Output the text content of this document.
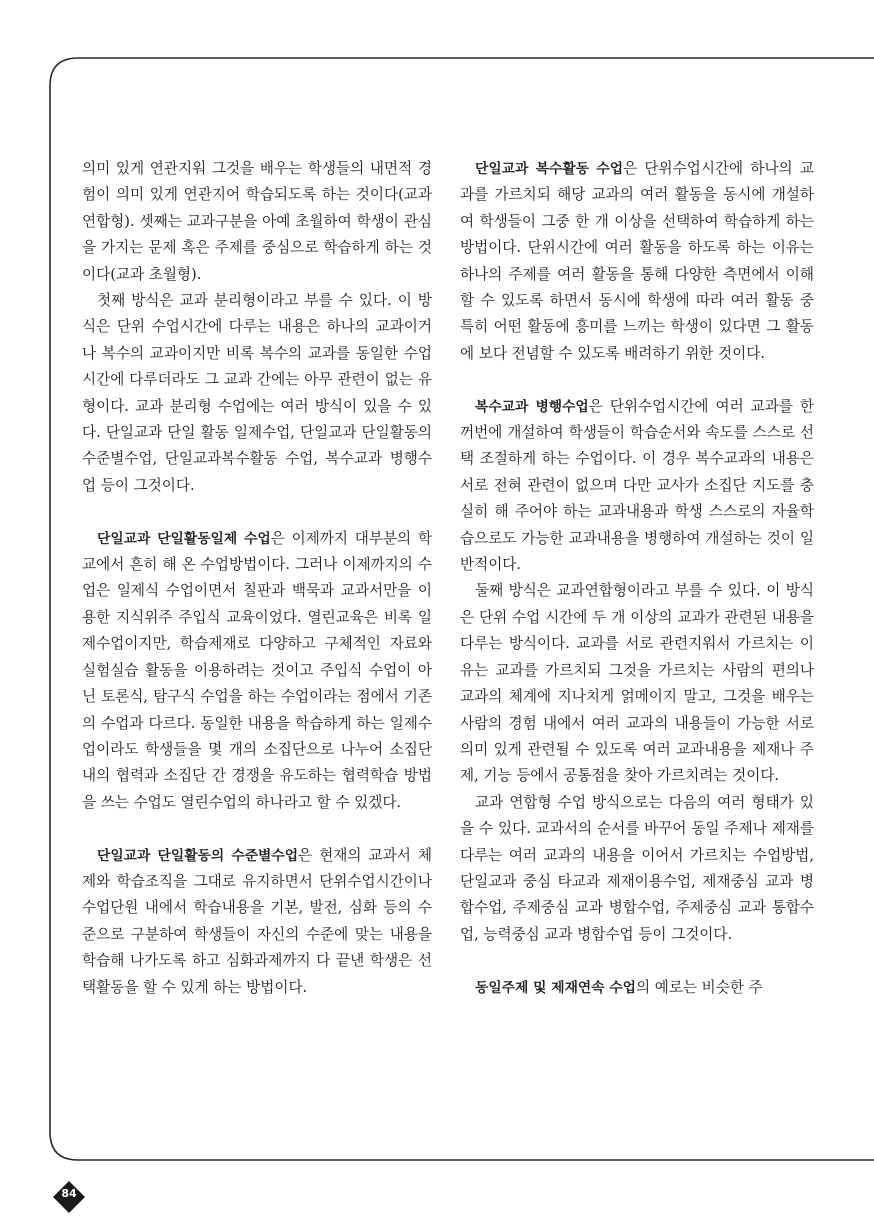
의미 있게 연관지워 그것을 배우는 학생들의 내면적 경험이 의미 있게 연관지어 학습되도록 하는 것이다(교과 연합형). 셋째는 교과구분을 아예 초월하여 학생이 관심을 가지는 문제 혹은 주제를 중심으로 학습하게 하는 것이다(교과 초월형).

첫째 방식은 교과 분리형이라고 부를 수 있다. 이 방식은 단위 수업시간에 다루는 내용은 하나의 교과이거나 복수의 교과이지만 비록 복수의 교과를 동일한 수업시간에 다루더라도 그 교과 간에는 아무 관련이 없는 유형이다. 교과 분리형 수업에는 여러 방식이 있을 수 있다. 단일교과 단일 활동 일제수업, 단일교과 단일활동의 수준별수업, 단일교과복수활동 수업, 복수교과 병행수업 등이 그것이다.

단일교과 단일활동일제 수업은 이제까지 대부분의 학교에서 흔히 해 온 수업방법이다. 그러나 이제까지의 수업은 일제식 수업이면서 칠판과 백묵과 교과서만을 이용한 지식위주 주입식 교육이었다. 열린교육은 비록 일제수업이지만, 학습제재로 다양하고 구체적인 자료와 실험실습 활동을 이용하려는 것이고 주입식 수업이 아닌 토론식, 탐구식 수업을 하는 수업이라는 점에서 기존의 수업과 다르다. 동일한 내용을 학습하게 하는 일제수업이라도 학생들을 몇 개의 소집단으로 나누어 소집단 내의 협력과 소집단 간 경쟁을 유도하는 협력학습 방법을 쓰는 수업도 열린수업의 하나라고 할 수 있겠다.

단일교과 단일활동의 수준별수업은 현재의 교과서 체제와 학습조직을 그대로 유지하면서 단위수업시간이나 수업단원 내에서 학습내용을 기본, 발전, 심화 등의 수준으로 구분하여 학생들이 자신의 수준에 맞는 내용을 학습해 나가도록 하고 심화과제까지 다 끝낸 학생은 선택활동을 할 수 있게 하는 방법이다.

단일교과 복수활동 수업은 단위수업시간에 하나의 교과를 가르치되 해당 교과의 여러 활동을 동시에 개설하여 학생들이 그중 한 개 이상을 선택하여 학습하게 하는 방법이다. 단위시간에 여러 활동을 하도록 하는 이유는 하나의 주제를 여러 활동을 통해 다양한 측면에서 이해할 수 있도록 하면서 동시에 학생에 따라 여러 활동 중 특히 어떤 활동에 흥미를 느끼는 학생이 있다면 그 활동에 보다 전념할 수 있도록 배려하기 위한 것이다.

복수교과 병행수업은 단위수업시간에 여러 교과를 한꺼번에 개설하여 학생들이 학습순서와 속도를 스스로 선택 조절하게 하는 수업이다. 이 경우 복수교과의 내용은 서로 전혀 관련이 없으며 다만 교사가 소집단 지도를 충실히 해 주어야 하는 교과내용과 학생 스스로의 자율학습으로도 가능한 교과내용을 병행하여 개설하는 것이 일반적이다.

둘째 방식은 교과연합형이라고 부를 수 있다. 이 방식은 단위 수업 시간에 두 개 이상의 교과가 관련된 내용을 다루는 방식이다. 교과를 서로 관련지워서 가르치는 이유는 교과를 가르치되 그것을 가르치는 사람의 편의나 교과의 체계에 지나치게 얽메이지 말고, 그것을 배우는 사람의 경험 내에서 여러 교과의 내용들이 가능한 서로 의미 있게 관련될 수 있도록 여러 교과내용을 제재나 주제, 기능 등에서 공통점을 찾아 가르치려는 것이다.

교과 연합형 수업 방식으로는 다음의 여러 형태가 있을 수 있다. 교과서의 순서를 바꾸어 동일 주제나 제재를 다루는 여러 교과의 내용을 이어서 가르치는 수업방법, 단일교과 중심 타교과 제재이용수업, 제재중심 교과 병합수업, 주제중심 교과 병합수업, 주제중심 교과 통합수업, 능력중심 교과 병합수업 등이 그것이다.

동일주제 및 제재연속 수업의 예로는 비슷한 주

84
